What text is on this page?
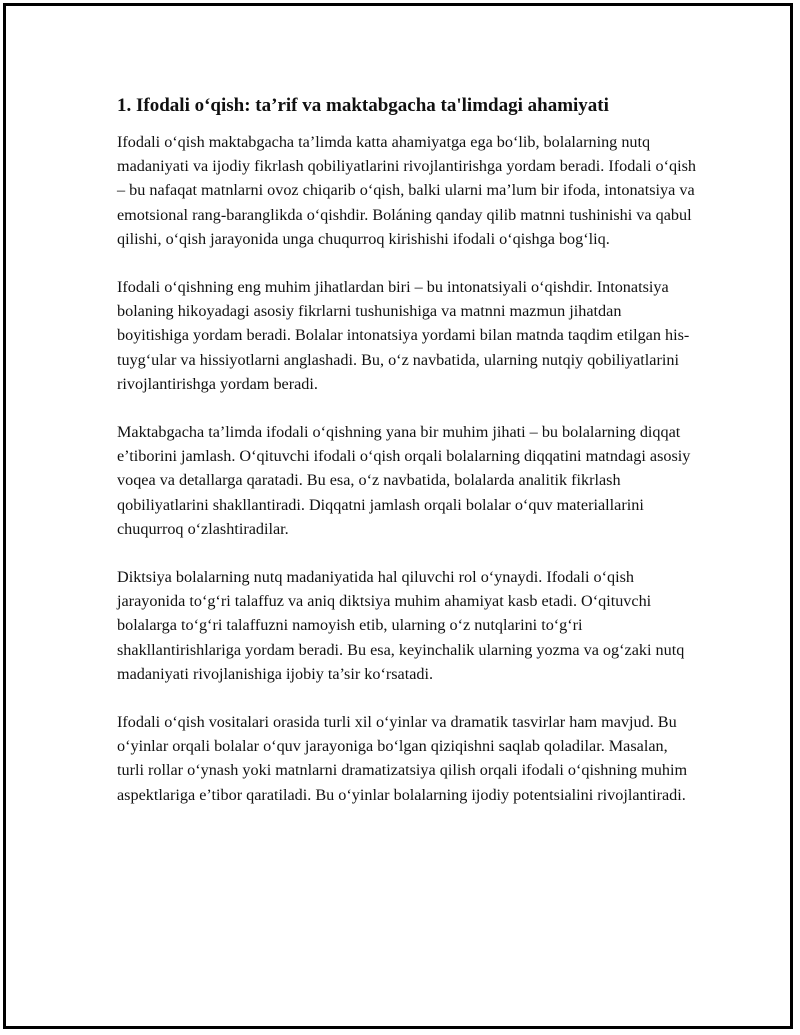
1. Ifodali o‘qish: ta’rif va maktabgacha ta'limdagi ahamiyati

Ifodali o‘qish maktabgacha ta’limda katta ahamiyatga ega bo‘lib, bolalarning nutq madaniyati va ijodiy fikrlash qobiliyatlarini rivojlantirishga yordam beradi. Ifodali o‘qish – bu nafaqat matnlarni ovoz chiqarib o‘qish, balki ularni ma’lum bir ifoda, intonatsiya va emotsional rang-baranglikda o‘qishdir. Boláning qanday qilib matnni tushinishi va qabul qilishi, o‘qish jarayonida unga chuqurroq kirishishi ifodali o‘qishga bog‘liq.

Ifodali o‘qishning eng muhim jihatlardan biri – bu intonatsiyali o‘qishdir. Intonatsiya bolaning hikoyadagi asosiy fikrlarni tushunishiga va matnni mazmun jihatdan boyitishiga yordam beradi. Bolalar intonatsiya yordami bilan matnda taqdim etilgan his-tuyg‘ular va hissiyotlarni anglashadi. Bu, o‘z navbatida, ularning nutqiy qobiliyatlarini rivojlantirishga yordam beradi.

Maktabgacha ta’limda ifodali o‘qishning yana bir muhim jihati – bu bolalarning diqqat e’tiborini jamlash. O‘qituvchi ifodali o‘qish orqali bolalarning diqqatini matndagi asosiy voqea va detallarga qaratadi. Bu esa, o‘z navbatida, bolalarda analitik fikrlash qobiliyatlarini shakllantiradi. Diqqatni jamlash orqali bolalar o‘quv materiallarini chuqurroq o‘zlashtiradilar.

Diktsiya bolalarning nutq madaniyatida hal qiluvchi rol o‘ynaydi. Ifodali o‘qish jarayonida to‘g‘ri talaffuz va aniq diktsiya muhim ahamiyat kasb etadi. O‘qituvchi bolalarga to‘g‘ri talaffuzni namoyish etib, ularning o‘z nutqlarini to‘g‘ri shakllantirishlariga yordam beradi. Bu esa, keyinchalik ularning yozma va og‘zaki nutq madaniyati rivojlanishiga ijobiy ta’sir ko‘rsatadi.

Ifodali o‘qish vositalari orasida turli xil o‘yinlar va dramatik tasvirlar ham mavjud. Bu o‘yinlar orqali bolalar o‘quv jarayoniga bo‘lgan qiziqishni saqlab qoladilar. Masalan, turli rollar o‘ynash yoki matnlarni dramatizatsiya qilish orqali ifodali o‘qishning muhim aspektlariga e’tibor qaratiladi. Bu o‘yinlar bolalarning ijodiy potentsialini rivojlantiradi.
